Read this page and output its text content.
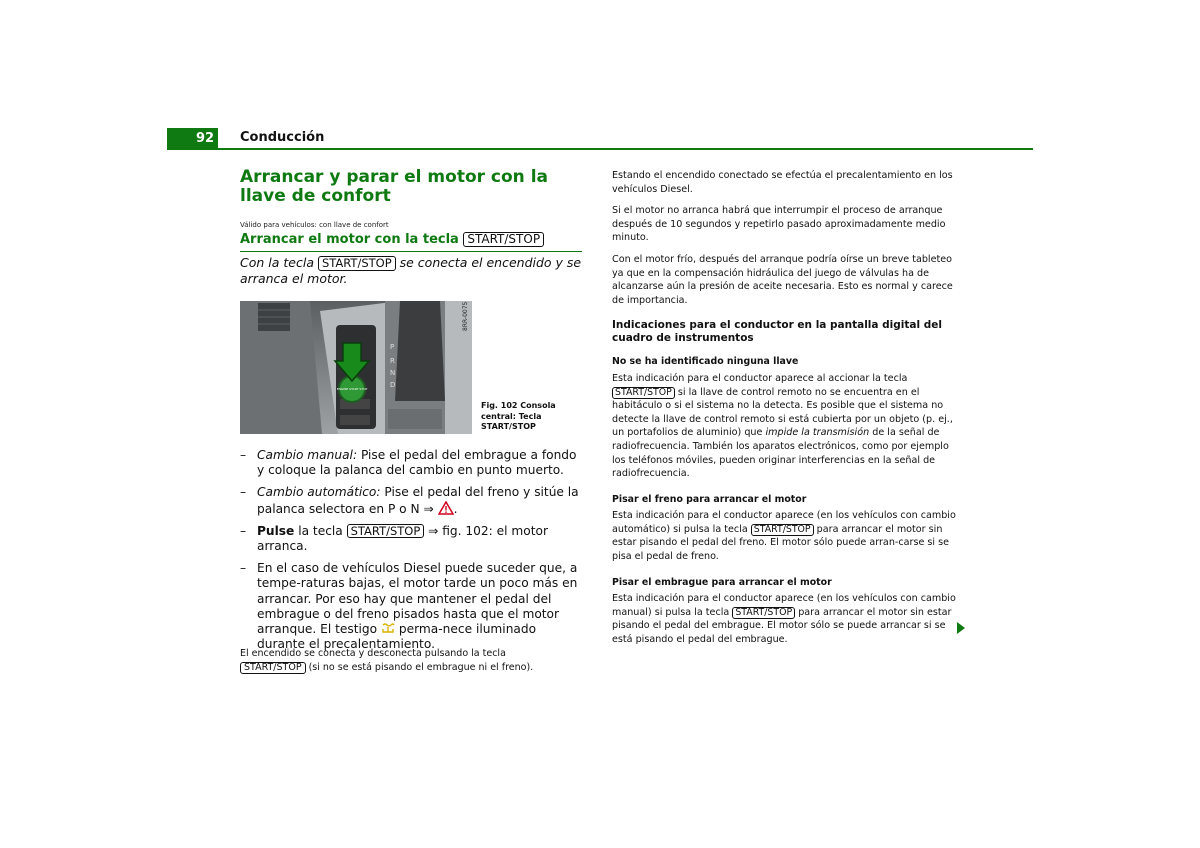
92	Conducción
Arrancar y parar el motor con la llave de confort
Válido para vehículos: con llave de confort
Arrancar el motor con la tecla START/STOP
Con la tecla START/STOP se conecta el encendido y se arranca el motor.
8RR-0075
P
R
N
D
ENGINE START STOP
Fig. 102 Consola central: Tecla START/STOP
– Cambio manual: Pise el pedal del embrague a fondo y coloque la palanca del cambio en punto muerto.
– Cambio automático: Pise el pedal del freno y sitúe la palanca selectora en P o N ⇒ .
– Pulse la tecla START/STOP ⇒ fig. 102: el motor arranca.
– En el caso de vehículos Diesel puede suceder que, a tempe-raturas bajas, el motor tarde un poco más en arrancar. Por eso hay que mantener el pedal del embrague o del freno pisados hasta que el motor arranque. El testigo perma-nece iluminado durante el precalentamiento.
El encendido se conecta y desconecta pulsando la tecla
START/STOP (si no se está pisando el embrague ni el freno).

Estando el encendido conectado se efectúa el precalentamiento en los vehículos Diesel.

Si el motor no arranca habrá que interrumpir el proceso de arranque después de 10 segundos y repetirlo pasado aproximadamente medio minuto.

Con el motor frío, después del arranque podría oírse un breve tableteo ya que en la compensación hidráulica del juego de válvulas ha de alcanzarse aún la presión de aceite necesaria. Esto es normal y carece de importancia.

Indicaciones para el conductor en la pantalla digital del cuadro de instrumentos
No se ha identificado ninguna llave

Esta indicación para el conductor aparece al accionar la tecla
START/STOP si la llave de control remoto no se encuentra en el habitáculo o si el sistema no la detecta. Es posible que el sistema no detecte la llave de control remoto si está cubierta por un objeto (p. ej., un portafolios de aluminio) que impide la transmisión de la señal de radiofrecuencia. También los aparatos electrónicos, como por ejemplo los teléfonos móviles, pueden originar interferencias en la señal de radiofrecuencia.

Pisar el freno para arrancar el motor

Esta indicación para el conductor aparece (en los vehículos con cambio automático) si pulsa la tecla START/STOP para arrancar el motor sin estar pisando el pedal del freno. El motor sólo puede arran-carse si se pisa el pedal de freno.

Pisar el embrague para arrancar el motor

Esta indicación para el conductor aparece (en los vehículos con cambio manual) si pulsa la tecla START/STOP para arrancar el motor sin estar pisando el pedal del embrague. El motor sólo se puede arrancar si se está pisando el pedal del embrague.
